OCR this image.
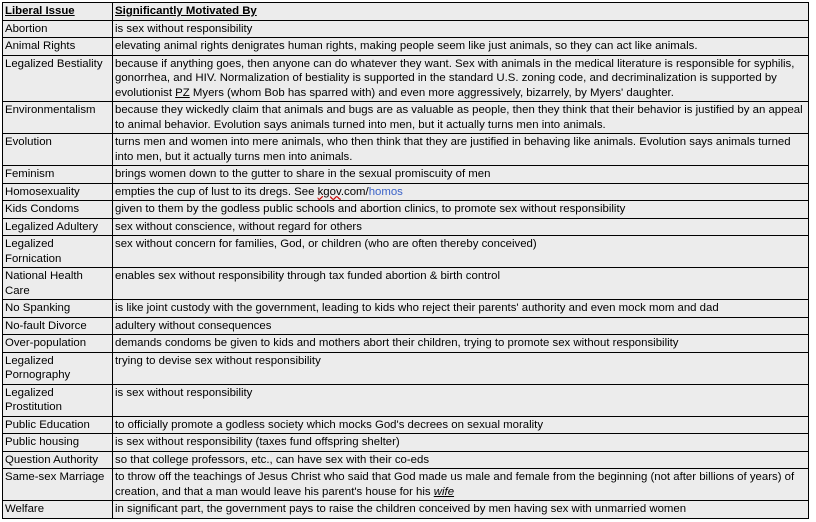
Liberal Issue	Significantly Motivated By
Abortion	is sex without responsibility
Animal Rights	elevating animal rights denigrates human rights, making people seem like just animals, so they can act like animals.
Legalized Bestiality	because if anything goes, then anyone can do whatever they want. Sex with animals in the medical literature is responsible for syphilis, gonorrhea, and HIV. Normalization of bestiality is supported in the standard U.S. zoning code, and decriminalization is supported by evolutionist PZ Myers (whom Bob has sparred with) and even more aggressively, bizarrely, by Myers' daughter.
Environmentalism	because they wickedly claim that animals and bugs are as valuable as people, then they think that their behavior is justified by an appeal to animal behavior. Evolution says animals turned into men, but it actually turns men into animals.
Evolution	turns men and women into mere animals, who then think that they are justified in behaving like animals. Evolution says animals turned into men, but it actually turns men into animals.
Feminism	brings women down to the gutter to share in the sexual promiscuity of men
Homosexuality	empties the cup of lust to its dregs. See kgov.com/homos
Kids Condoms	given to them by the godless public schools and abortion clinics, to promote sex without responsibility
Legalized Adultery	sex without conscience, without regard for others
Legalized Fornication	sex without concern for families, God, or children (who are often thereby conceived)
National Health Care	enables sex without responsibility through tax funded abortion & birth control
No Spanking	is like joint custody with the government, leading to kids who reject their parents' authority and even mock mom and dad
No-fault Divorce	adultery without consequences
Over-population	demands condoms be given to kids and mothers abort their children, trying to promote sex without responsibility
Legalized Pornography	trying to devise sex without responsibility
Legalized Prostitution	is sex without responsibility
Public Education	to officially promote a godless society which mocks God's decrees on sexual morality
Public housing	is sex without responsibility (taxes fund offspring shelter)
Question Authority	so that college professors, etc., can have sex with their co-eds
Same-sex Marriage	to throw off the teachings of Jesus Christ who said that God made us male and female from the beginning (not after billions of years) of creation, and that a man would leave his parent's house for his wife
Welfare	in significant part, the government pays to raise the children conceived by men having sex with unmarried women
